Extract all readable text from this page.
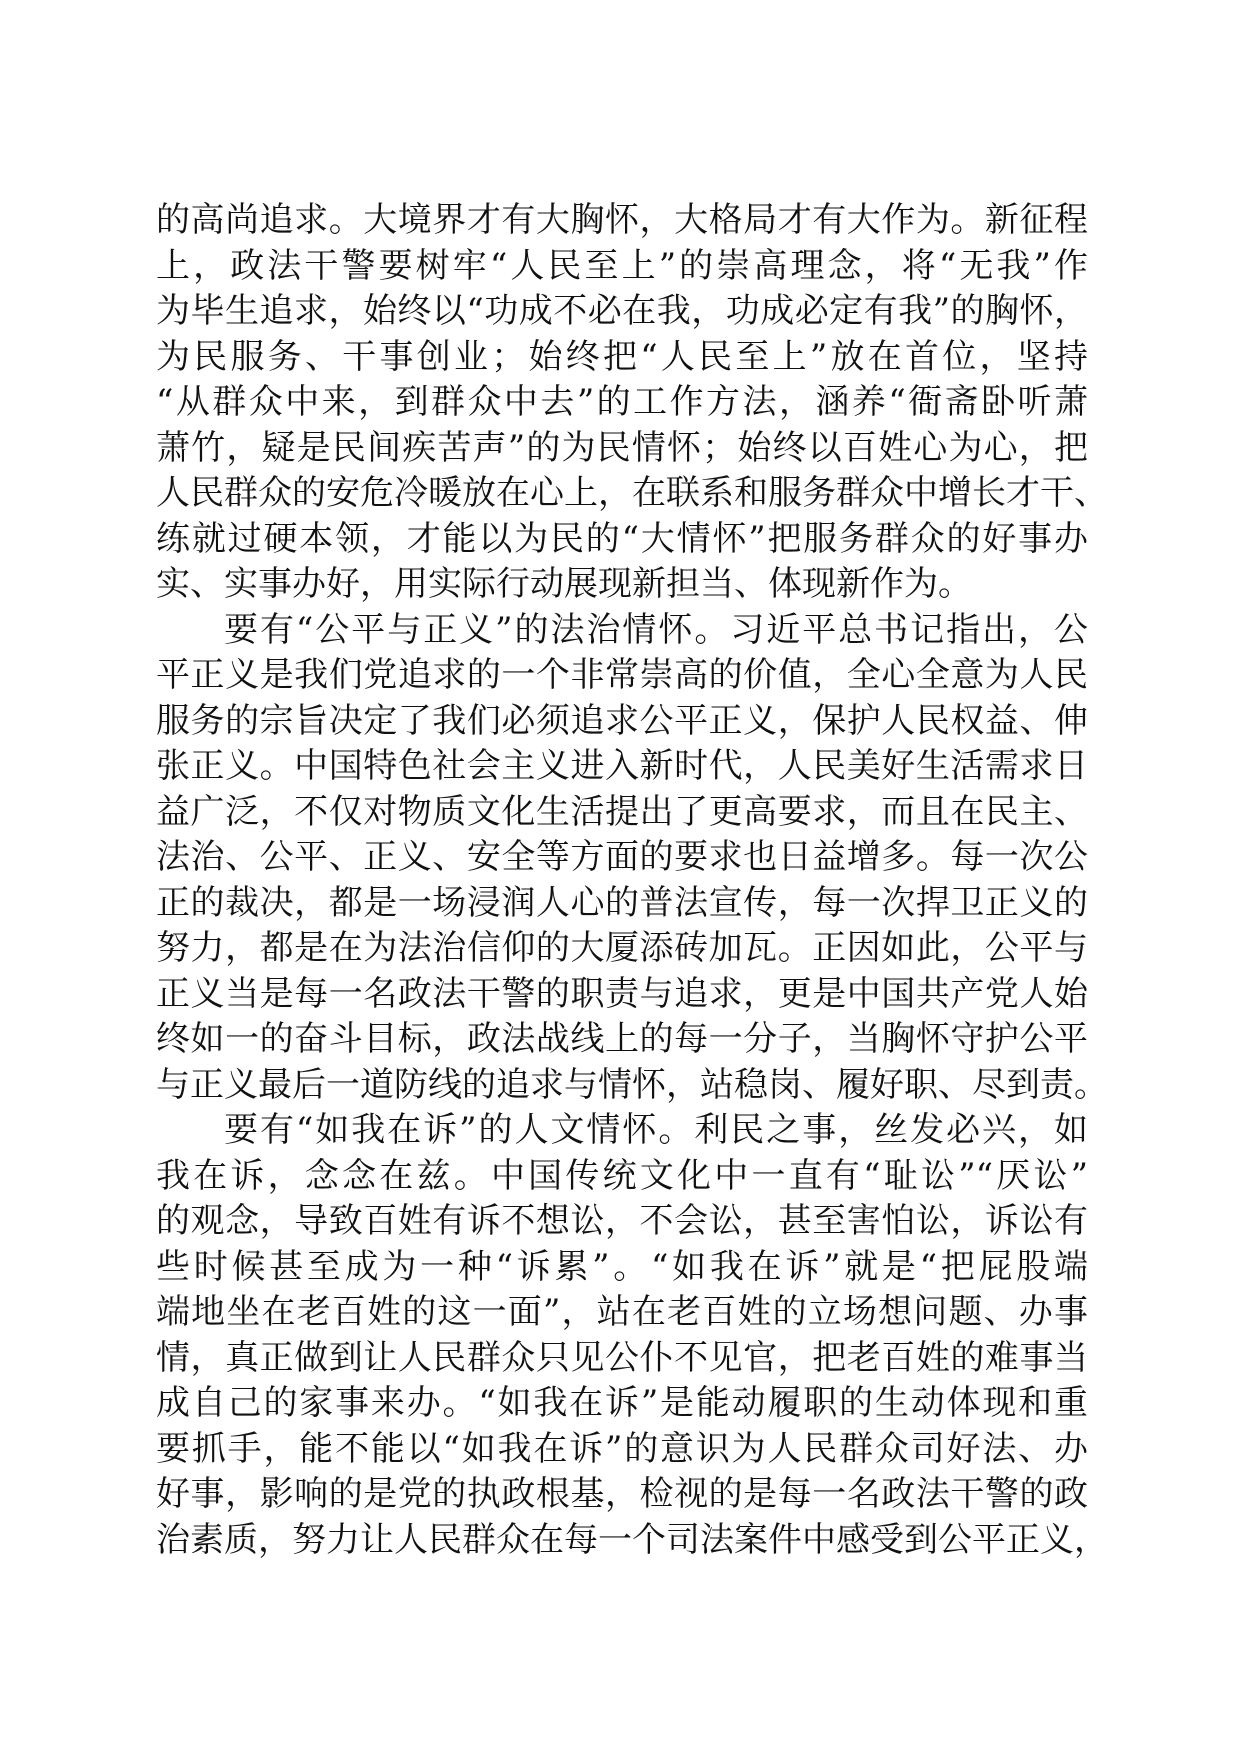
的高尚追求。大境界才有大胸怀，大格局才有大作为。新征程
上，政法干警要树牢“人民至上”的崇高理念，将“无我”作
为毕生追求，始终以“功成不必在我，功成必定有我”的胸怀，
为民服务、干事创业；始终把“人民至上”放在首位，坚持
“从群众中来，到群众中去”的工作方法，涵养“衙斋卧听萧
萧竹，疑是民间疾苦声”的为民情怀；始终以百姓心为心，把
人民群众的安危冷暖放在心上，在联系和服务群众中增长才干、
练就过硬本领，才能以为民的“大情怀”把服务群众的好事办
实、实事办好，用实际行动展现新担当、体现新作为。
要有“公平与正义”的法治情怀。习近平总书记指出，公
平正义是我们党追求的一个非常崇高的价值，全心全意为人民
服务的宗旨决定了我们必须追求公平正义，保护人民权益、伸
张正义。中国特色社会主义进入新时代，人民美好生活需求日
益广泛，不仅对物质文化生活提出了更高要求，而且在民主、
法治、公平、正义、安全等方面的要求也日益增多。每一次公
正的裁决，都是一场浸润人心的普法宣传，每一次捍卫正义的
努力，都是在为法治信仰的大厦添砖加瓦。正因如此，公平与
正义当是每一名政法干警的职责与追求，更是中国共产党人始
终如一的奋斗目标，政法战线上的每一分子，当胸怀守护公平
与正义最后一道防线的追求与情怀，站稳岗、履好职、尽到责。
要有“如我在诉”的人文情怀。利民之事，丝发必兴，如
我在诉，念念在兹。中国传统文化中一直有“耻讼”“厌讼”
的观念，导致百姓有诉不想讼，不会讼，甚至害怕讼，诉讼有
些时候甚至成为一种“诉累”。“如我在诉”就是“把屁股端
端地坐在老百姓的这一面”，站在老百姓的立场想问题、办事
情，真正做到让人民群众只见公仆不见官，把老百姓的难事当
成自己的家事来办。“如我在诉”是能动履职的生动体现和重
要抓手，能不能以“如我在诉”的意识为人民群众司好法、办
好事，影响的是党的执政根基，检视的是每一名政法干警的政
治素质，努力让人民群众在每一个司法案件中感受到公平正义，
